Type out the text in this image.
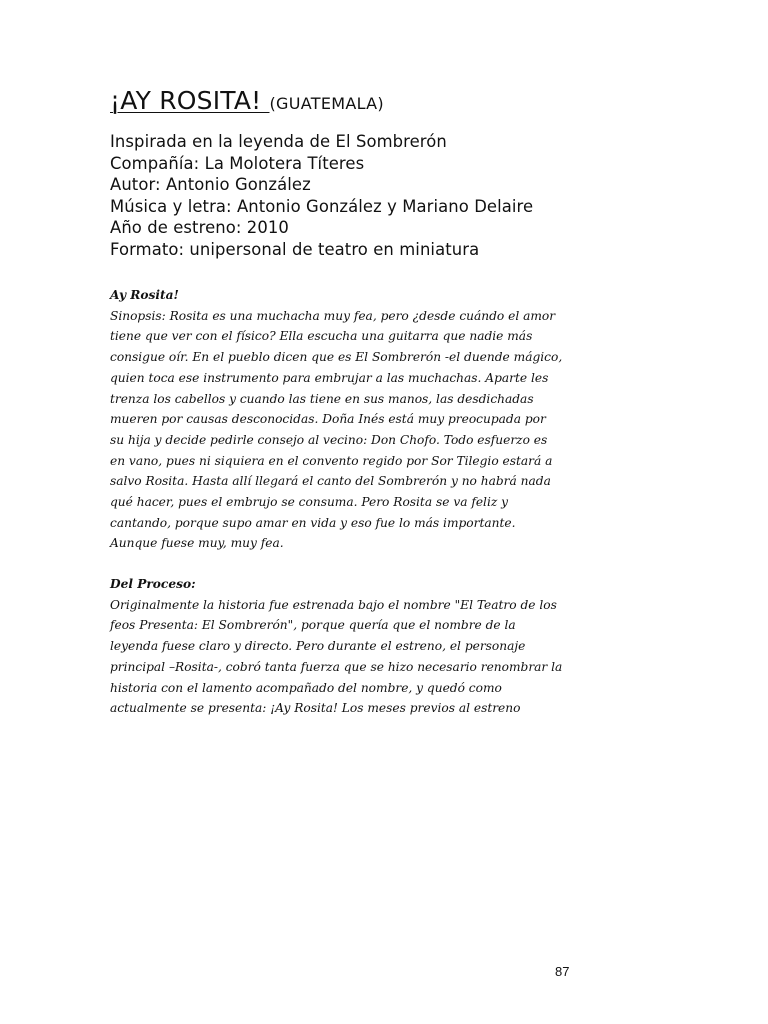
¡AY ROSITA! (GUATEMALA)
Inspirada en la leyenda de El Sombrerón
Compañía: La Molotera Títeres
Autor: Antonio González
Música y letra: Antonio González y Mariano Delaire
Año de estreno: 2010
Formato: unipersonal de teatro en miniatura
Ay Rosita!
Sinopsis: Rosita es una muchacha muy fea, pero ¿desde cuándo el amor
tiene que ver con el físico? Ella escucha una guitarra que nadie más
consigue oír. En el pueblo dicen que es El Sombrerón -el duende mágico,
quien toca ese instrumento para embrujar a las muchachas. Aparte les
trenza los cabellos y cuando las tiene en sus manos, las desdichadas
mueren por causas desconocidas. Doña Inés está muy preocupada por
su hija y decide pedirle consejo al vecino: Don Chofo. Todo esfuerzo es
en vano, pues ni siquiera en el convento regido por Sor Tilegio estará a
salvo Rosita. Hasta allí llegará el canto del Sombrerón y no habrá nada
qué hacer, pues el embrujo se consuma. Pero Rosita se va feliz y
cantando, porque supo amar en vida y eso fue lo más importante.
Aunque fuese muy, muy fea.
Del Proceso:
Originalmente la historia fue estrenada bajo el nombre "El Teatro de los
feos Presenta: El Sombrerón", porque quería que el nombre de la
leyenda fuese claro y directo. Pero durante el estreno, el personaje
principal –Rosita-, cobró tanta fuerza que se hizo necesario renombrar la
historia con el lamento acompañado del nombre, y quedó como
actualmente se presenta: ¡Ay Rosita! Los meses previos al estreno
87
